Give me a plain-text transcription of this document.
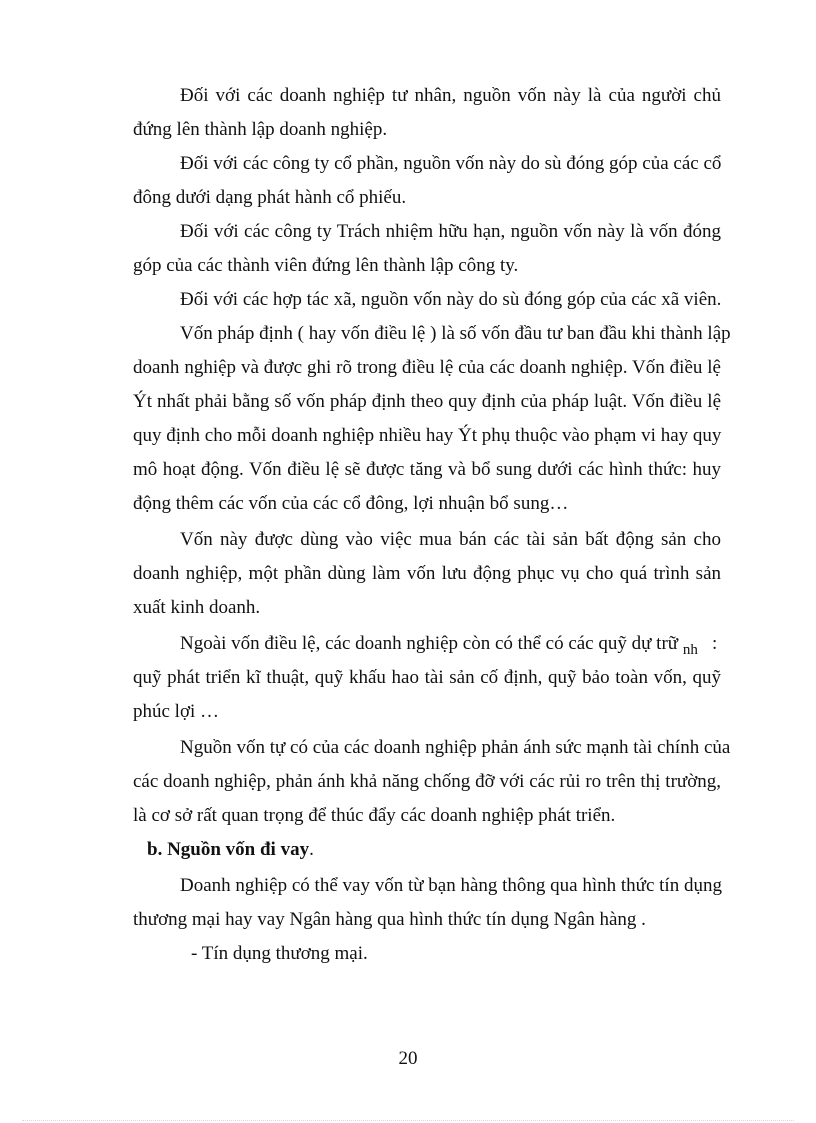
Đối với các doanh nghiệp tư nhân, nguồn vốn này là của người chủ
đứng lên thành lập doanh nghiệp.
Đối với các công ty cổ phần, nguồn vốn này do sù đóng góp của các cổ
đông dưới dạng phát hành cổ phiếu.
Đối với các công ty Trách nhiệm hữu hạn, nguồn vốn này là vốn đóng
góp của các thành viên đứng lên thành lập công ty.
Đối với các hợp tác xã, nguồn vốn này do sù đóng góp của các xã viên.
Vốn pháp định ( hay vốn điều lệ ) là số vốn đầu tư ban đầu khi thành lập
doanh nghiệp và được ghi rõ trong điều lệ của các doanh nghiệp. Vốn điều lệ
Ýt nhất phải bằng số vốn pháp định theo quy định của pháp luật. Vốn điều lệ
quy định cho mỗi doanh nghiệp nhiều hay Ýt phụ thuộc vào phạm vi hay quy
mô hoạt động. Vốn điều lệ sẽ được tăng và bổ sung dưới các hình thức: huy
động thêm các vốn của các cổ đông, lợi nhuận bổ sung…
Vốn này được dùng vào việc mua bán các tài sản bất động sản cho
doanh nghiệp, một phần dùng làm vốn lưu động phục vụ cho quá trình sản
xuất kinh doanh.
Ngoài vốn điều lệ, các doanh nghiệp còn có thể có các quỹ dự trữ $_{nh}$ :
quỹ phát triển kĩ thuật, quỹ khấu hao tài sản cố định, quỹ bảo toàn vốn, quỹ
phúc lợi …
Nguồn vốn tự có của các doanh nghiệp phản ánh sức mạnh tài chính của
các doanh nghiệp, phản ánh khả năng chống đỡ với các rủi ro trên thị trường,
là cơ sở rất quan trọng để thúc đẩy các doanh nghiệp phát triển.
b. Nguồn vốn đi vay.
Doanh nghiệp có thể vay vốn từ bạn hàng thông qua hình thức tín dụng
thương mại hay vay Ngân hàng qua hình thức tín dụng Ngân hàng .
- Tín dụng thương mại.
20
